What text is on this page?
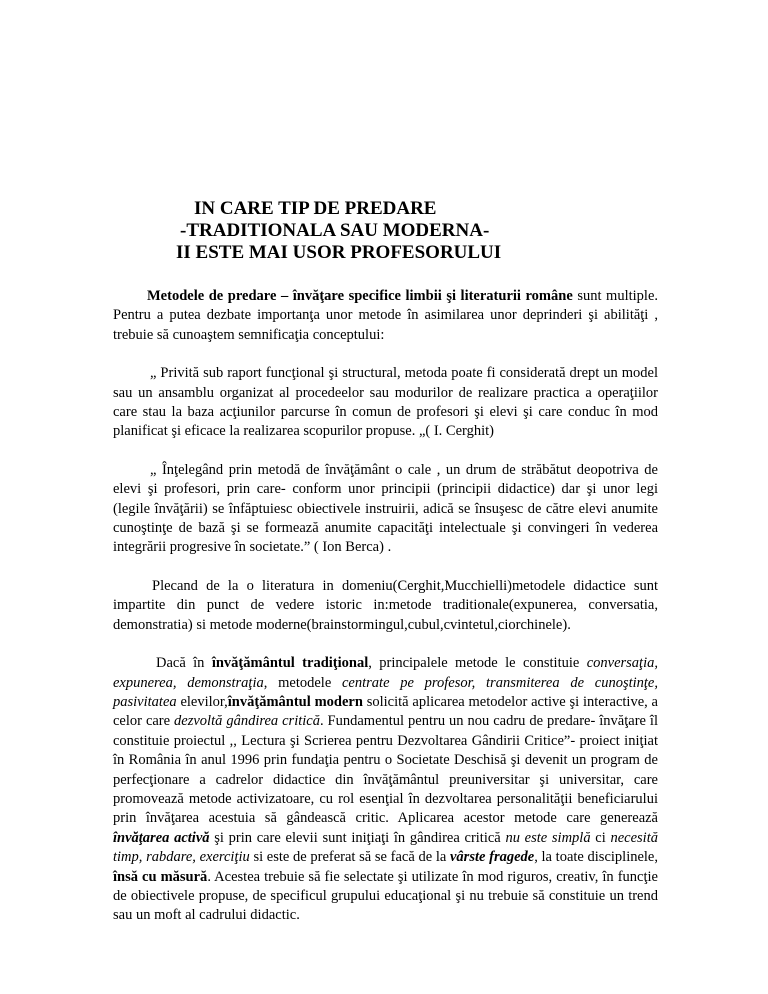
IN CARE TIP DE PREDARE
-TRADITIONALA SAU MODERNA-
II ESTE MAI USOR PROFESORULUI

Metodele de predare – învăţare specifice limbii şi literaturii române sunt multiple. Pentru a putea dezbate importanţa unor metode în asimilarea unor deprinderi şi abilităţi , trebuie să cunoaştem semnificaţia conceptului:

„ Privită sub raport funcţional şi structural, metoda poate fi considerată drept un model sau un ansamblu organizat al procedeelor sau modurilor de realizare practica a operaţiilor care stau la baza acţiunilor parcurse în comun de profesori şi elevi şi care conduc în mod planificat şi eficace la realizarea scopurilor propuse. „( I. Cerghit)

„ Înţelegând prin metodă de învăţământ o cale , un drum de străbătut deopotriva de elevi şi profesori, prin care- conform unor principii (principii didactice) dar şi unor legi (legile învăţării) se înfăptuiesc obiectivele instruirii, adică se însuşesc de către elevi anumite cunoştinţe de bază şi se formează anumite capacităţi intelectuale şi convingeri în vederea integrării progresive în societate.” ( Ion Berca) .

Plecand de la o literatura in domeniu(Cerghit,Mucchielli)metodele didactice sunt impartite din punct de vedere istoric in:metode traditionale(expunerea, conversatia, demonstratia) si metode moderne(brainstormingul,cubul,cvintetul,ciorchinele).

Dacă în învăţământul tradiţional, principalele metode le constituie conversaţia, expunerea, demonstraţia, metodele centrate pe profesor, transmiterea de cunoştinţe, pasivitatea elevilor,învăţământul modern solicită aplicarea metodelor active şi interactive, a celor care dezvoltă gândirea critică. Fundamentul pentru un nou cadru de predare- învăţare îl constituie proiectul ,, Lectura şi Scrierea pentru Dezvoltarea Gândirii Critice”- proiect iniţiat în România în anul 1996 prin fundaţia pentru o Societate Deschisă şi devenit un program de perfecţionare a cadrelor didactice din învăţământul preuniversitar şi universitar, care promovează metode activizatoare, cu rol esenţial în dezvoltarea personalităţii beneficiarului prin învăţarea acestuia să gândească critic. Aplicarea acestor metode care generează învăţarea activă şi prin care elevii sunt iniţiaţi în gândirea critică nu este simplă ci necesită timp, rabdare, exerciţiu si este de preferat să se facă de la vârste fragede, la toate disciplinele, însă cu măsură. Acestea trebuie să fie selectate şi utilizate în mod riguros, creativ, în funcţie de obiectivele propuse, de specificul grupului educaţional şi nu trebuie să constituie un trend sau un moft al cadrului didactic.
